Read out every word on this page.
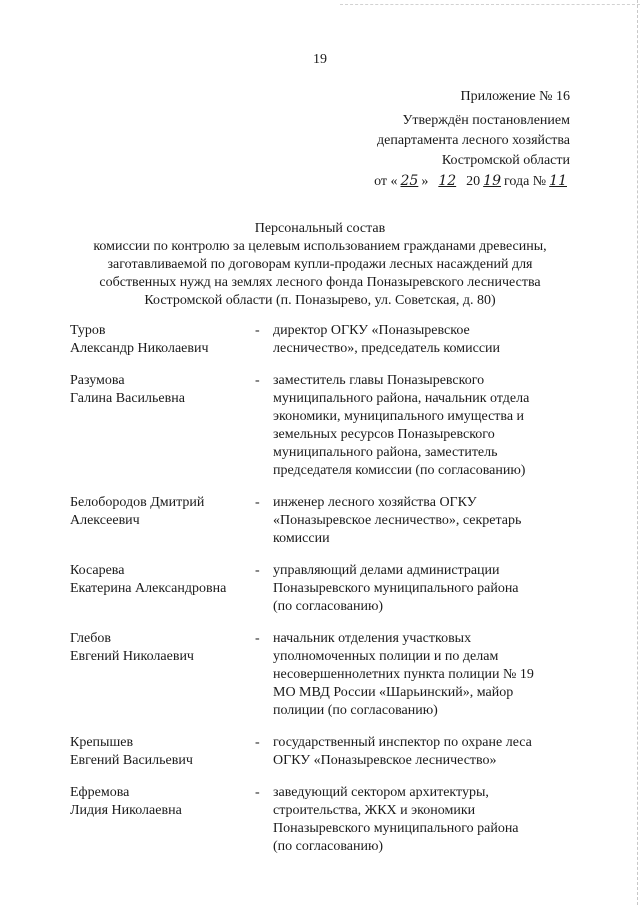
19
Приложение № 16
Утверждён постановлением
департамента лесного хозяйства
Костромской области
от « 25 » 12 20 19 года № 11
Персональный состав
комиссии по контролю за целевым использованием гражданами древесины,
заготавливаемой по договорам купли-продажи лесных насаждений для
собственных нужд на землях лесного фонда Поназыревского лесничества
Костромской области (п. Поназырево, ул. Советская, д. 80)
Туров
Александр Николаевич
- директор ОГКУ «Поназыревское
лесничество», председатель комиссии
Разумова
Галина Васильевна
- заместитель главы Поназыревского
муниципального района, начальник отдела
экономики, муниципального имущества и
земельных ресурсов Поназыревского
муниципального района, заместитель
председателя комиссии (по согласованию)
Белобородов Дмитрий
Алексеевич
- инженер лесного хозяйства ОГКУ
«Поназыревское лесничество», секретарь
комиссии
Косарева
Екатерина Александровна
- управляющий делами администрации
Поназыревского муниципального района
(по согласованию)
Глебов
Евгений Николаевич
- начальник отделения участковых
уполномоченных полиции и по делам
несовершеннолетних пункта полиции № 19
МО МВД России «Шарьинский», майор
полиции (по согласованию)
Крепышев
Евгений Васильевич
- государственный инспектор по охране леса
ОГКУ «Поназыревское лесничество»
Ефремова
Лидия Николаевна
- заведующий сектором архитектуры,
строительства, ЖКХ и экономики
Поназыревского муниципального района
(по согласованию)
